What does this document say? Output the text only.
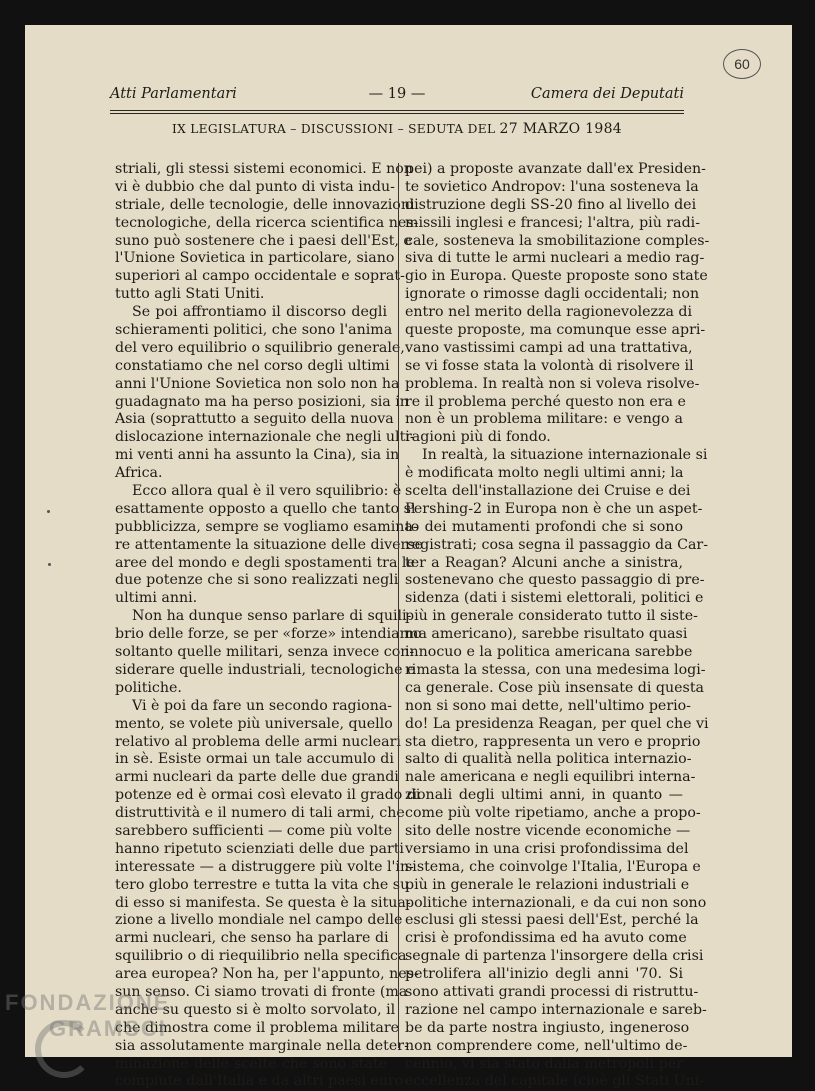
60
Atti Parlamentari	— 19 —	Camera dei Deputati
IX LEGISLATURA – DISCUSSIONI – SEDUTA DEL 27 MARZO 1984
striali, gli stessi sistemi economici. E non
vi è dubbio che dal punto di vista indu-
striale, delle tecnologie, delle innovazioni
tecnologiche, della ricerca scientifica nes-
suno può sostenere che i paesi dell'Est, e
l'Unione Sovietica in particolare, siano
superiori al campo occidentale e soprat-
tutto agli Stati Uniti.
Se poi affrontiamo il discorso degli
schieramenti politici, che sono l'anima
del vero equilibrio o squilibrio generale,
constatiamo che nel corso degli ultimi
anni l'Unione Sovietica non solo non ha
guadagnato ma ha perso posizioni, sia in
Asia (soprattutto a seguito della nuova
dislocazione internazionale che negli ulti-
mi venti anni ha assunto la Cina), sia in
Africa.
Ecco allora qual è il vero squilibrio: è
esattamente opposto a quello che tanto si
pubblicizza, sempre se vogliamo esamina-
re attentamente la situazione delle diverse
aree del mondo e degli spostamenti tra le
due potenze che si sono realizzati negli
ultimi anni.
Non ha dunque senso parlare di squili-
brio delle forze, se per «forze» intendiamo
soltanto quelle militari, senza invece con-
siderare quelle industriali, tecnologiche e
politiche.
Vi è poi da fare un secondo ragiona-
mento, se volete più universale, quello
relativo al problema delle armi nucleari
in sè. Esiste ormai un tale accumulo di
armi nucleari da parte delle due grandi
potenze ed è ormai così elevato il grado di
distruttività e il numero di tali armi, che
sarebbero sufficienti — come più volte
hanno ripetuto scienziati delle due parti
interessate — a distruggere più volte l'in-
tero globo terrestre e tutta la vita che su
di esso si manifesta. Se questa è la situa-
zione a livello mondiale nel campo delle
armi nucleari, che senso ha parlare di
squilibrio o di riequilibrio nella specifica
area europea? Non ha, per l'appunto, nes-
sun senso. Ci siamo trovati di fronte (ma
anche su questo si è molto sorvolato, il
che dimostra come il problema militare
sia assolutamente marginale nella deter-
minazione delle scelte che sono state
compiute dall'Italia e da altri paesi euro-
pei) a proposte avanzate dall'ex Presiden-
te sovietico Andropov: l'una sosteneva la
distruzione degli SS-20 fino al livello dei
missili inglesi e francesi; l'altra, più radi-
cale, sosteneva la smobilitazione comples-
siva di tutte le armi nucleari a medio rag-
gio in Europa. Queste proposte sono state
ignorate o rimosse dagli occidentali; non
entro nel merito della ragionevolezza di
queste proposte, ma comunque esse apri-
vano vastissimi campi ad una trattativa,
se vi fosse stata la volontà di risolvere il
problema. In realtà non si voleva risolve-
re il problema perché questo non era e
non è un problema militare: e vengo a
ragioni più di fondo.
In realtà, la situazione internazionale si
è modificata molto negli ultimi anni; la
scelta dell'installazione dei Cruise e dei
Pershing-2 in Europa non è che un aspet-
to dei mutamenti profondi che si sono
registrati; cosa segna il passaggio da Car-
ter a Reagan? Alcuni anche a sinistra,
sostenevano che questo passaggio di pre-
sidenza (dati i sistemi elettorali, politici e
più in generale considerato tutto il siste-
ma americano), sarebbe risultato quasi
innocuo e la politica americana sarebbe
rimasta la stessa, con una medesima logi-
ca generale. Cose più insensate di questa
non si sono mai dette, nell'ultimo perio-
do! La presidenza Reagan, per quel che vi
sta dietro, rappresenta un vero e proprio
salto di qualità nella politica internazio-
nale americana e negli equilibri interna-
zionali degli ultimi anni, in quanto —
come più volte ripetiamo, anche a propo-
sito delle nostre vicende economiche —
versiamo in una crisi profondissima del
sistema, che coinvolge l'Italia, l'Europa e
più in generale le relazioni industriali e
politiche internazionali, e da cui non sono
esclusi gli stessi paesi dell'Est, perché la
crisi è profondissima ed ha avuto come
segnale di partenza l'insorgere della crisi
petrolifera all'inizio degli anni '70. Si
sono attivati grandi processi di ristruttu-
razione nel campo internazionale e sareb-
be da parte nostra ingiusto, ingeneroso
non comprendere come, nell'ultimo de-
cennio, vi sia stato dalla metropoli per
eccellenza del capitale (cioè gli Stati Uni-
FONDAZIONE
GRAMSCI
